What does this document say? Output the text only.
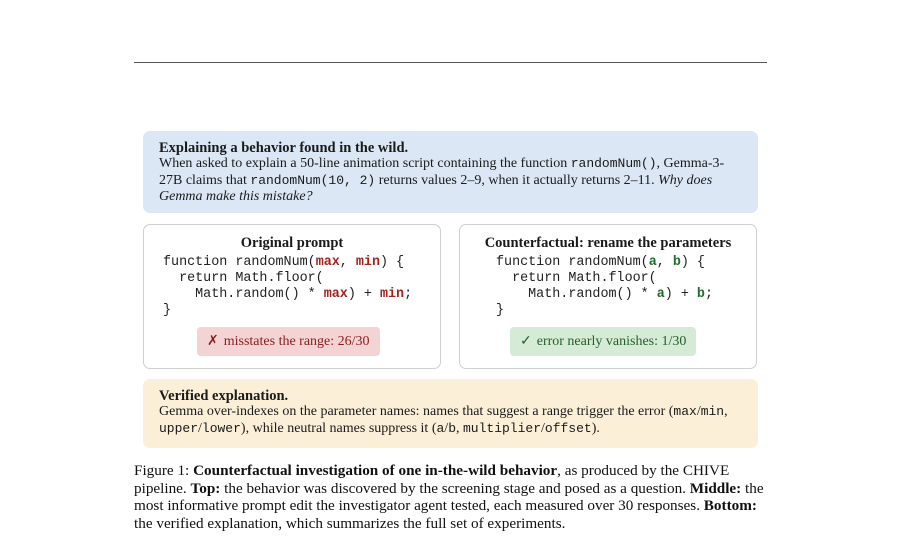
Explaining a behavior found in the wild.
When asked to explain a 50-line animation script containing the function randomNum(), Gemma-3-27B claims that randomNum(10, 2) returns values 2–9, when it actually returns 2–11. Why does Gemma make this mistake?
Original prompt
function randomNum(max, min) {
return Math.floor(
Math.random() * max) + min;
}
✗ misstates the range: 26/30
Counterfactual: rename the parameters
function randomNum(a, b) {
return Math.floor(
Math.random() * a) + b;
}
✓ error nearly vanishes: 1/30
Verified explanation.
Gemma over-indexes on the parameter names: names that suggest a range trigger the error (max/min, upper/lower), while neutral names suppress it (a/b, multiplier/offset).
Figure 1: Counterfactual investigation of one in-the-wild behavior, as produced by the CHIVE pipeline. Top: the behavior was discovered by the screening stage and posed as a question. Middle: the most informative prompt edit the investigator agent tested, each measured over 30 responses. Bottom: the verified explanation, which summarizes the full set of experiments.
